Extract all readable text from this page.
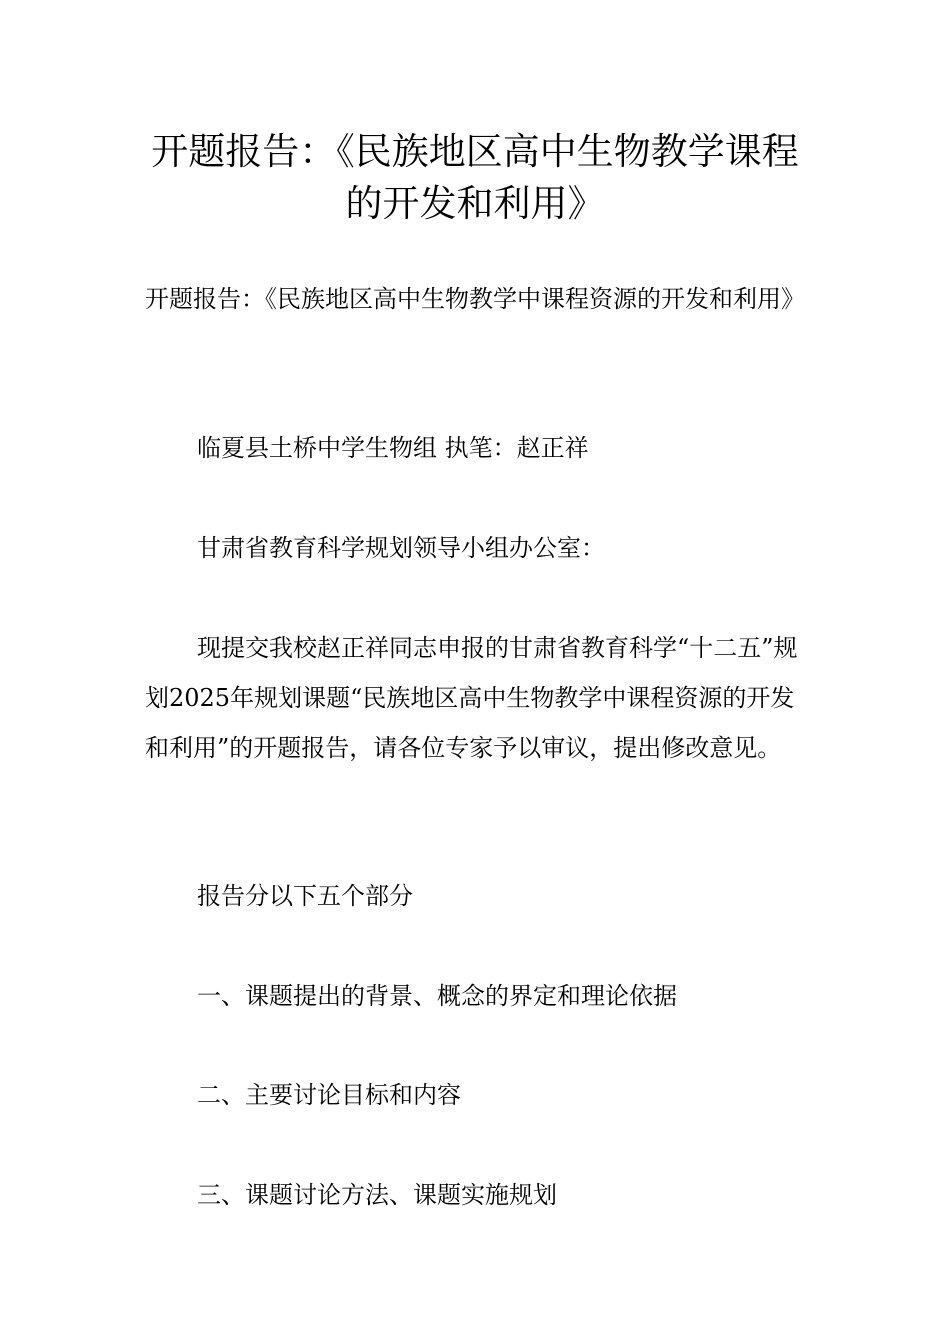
开题报告：《民族地区高中生物教学课程的开发和利用》

开题报告：《民族地区高中生物教学中课程资源的开发和利用》

临夏县土桥中学生物组 执笔：赵正祥

甘肃省教育科学规划领导小组办公室：

现提交我校赵正祥同志申报的甘肃省教育科学“十二五”规划2025年规划课题“民族地区高中生物教学中课程资源的开发和利用”的开题报告，请各位专家予以审议，提出修改意见。

报告分以下五个部分

一、课题提出的背景、概念的界定和理论依据

二、主要讨论目标和内容

三、课题讨论方法、课题实施规划
